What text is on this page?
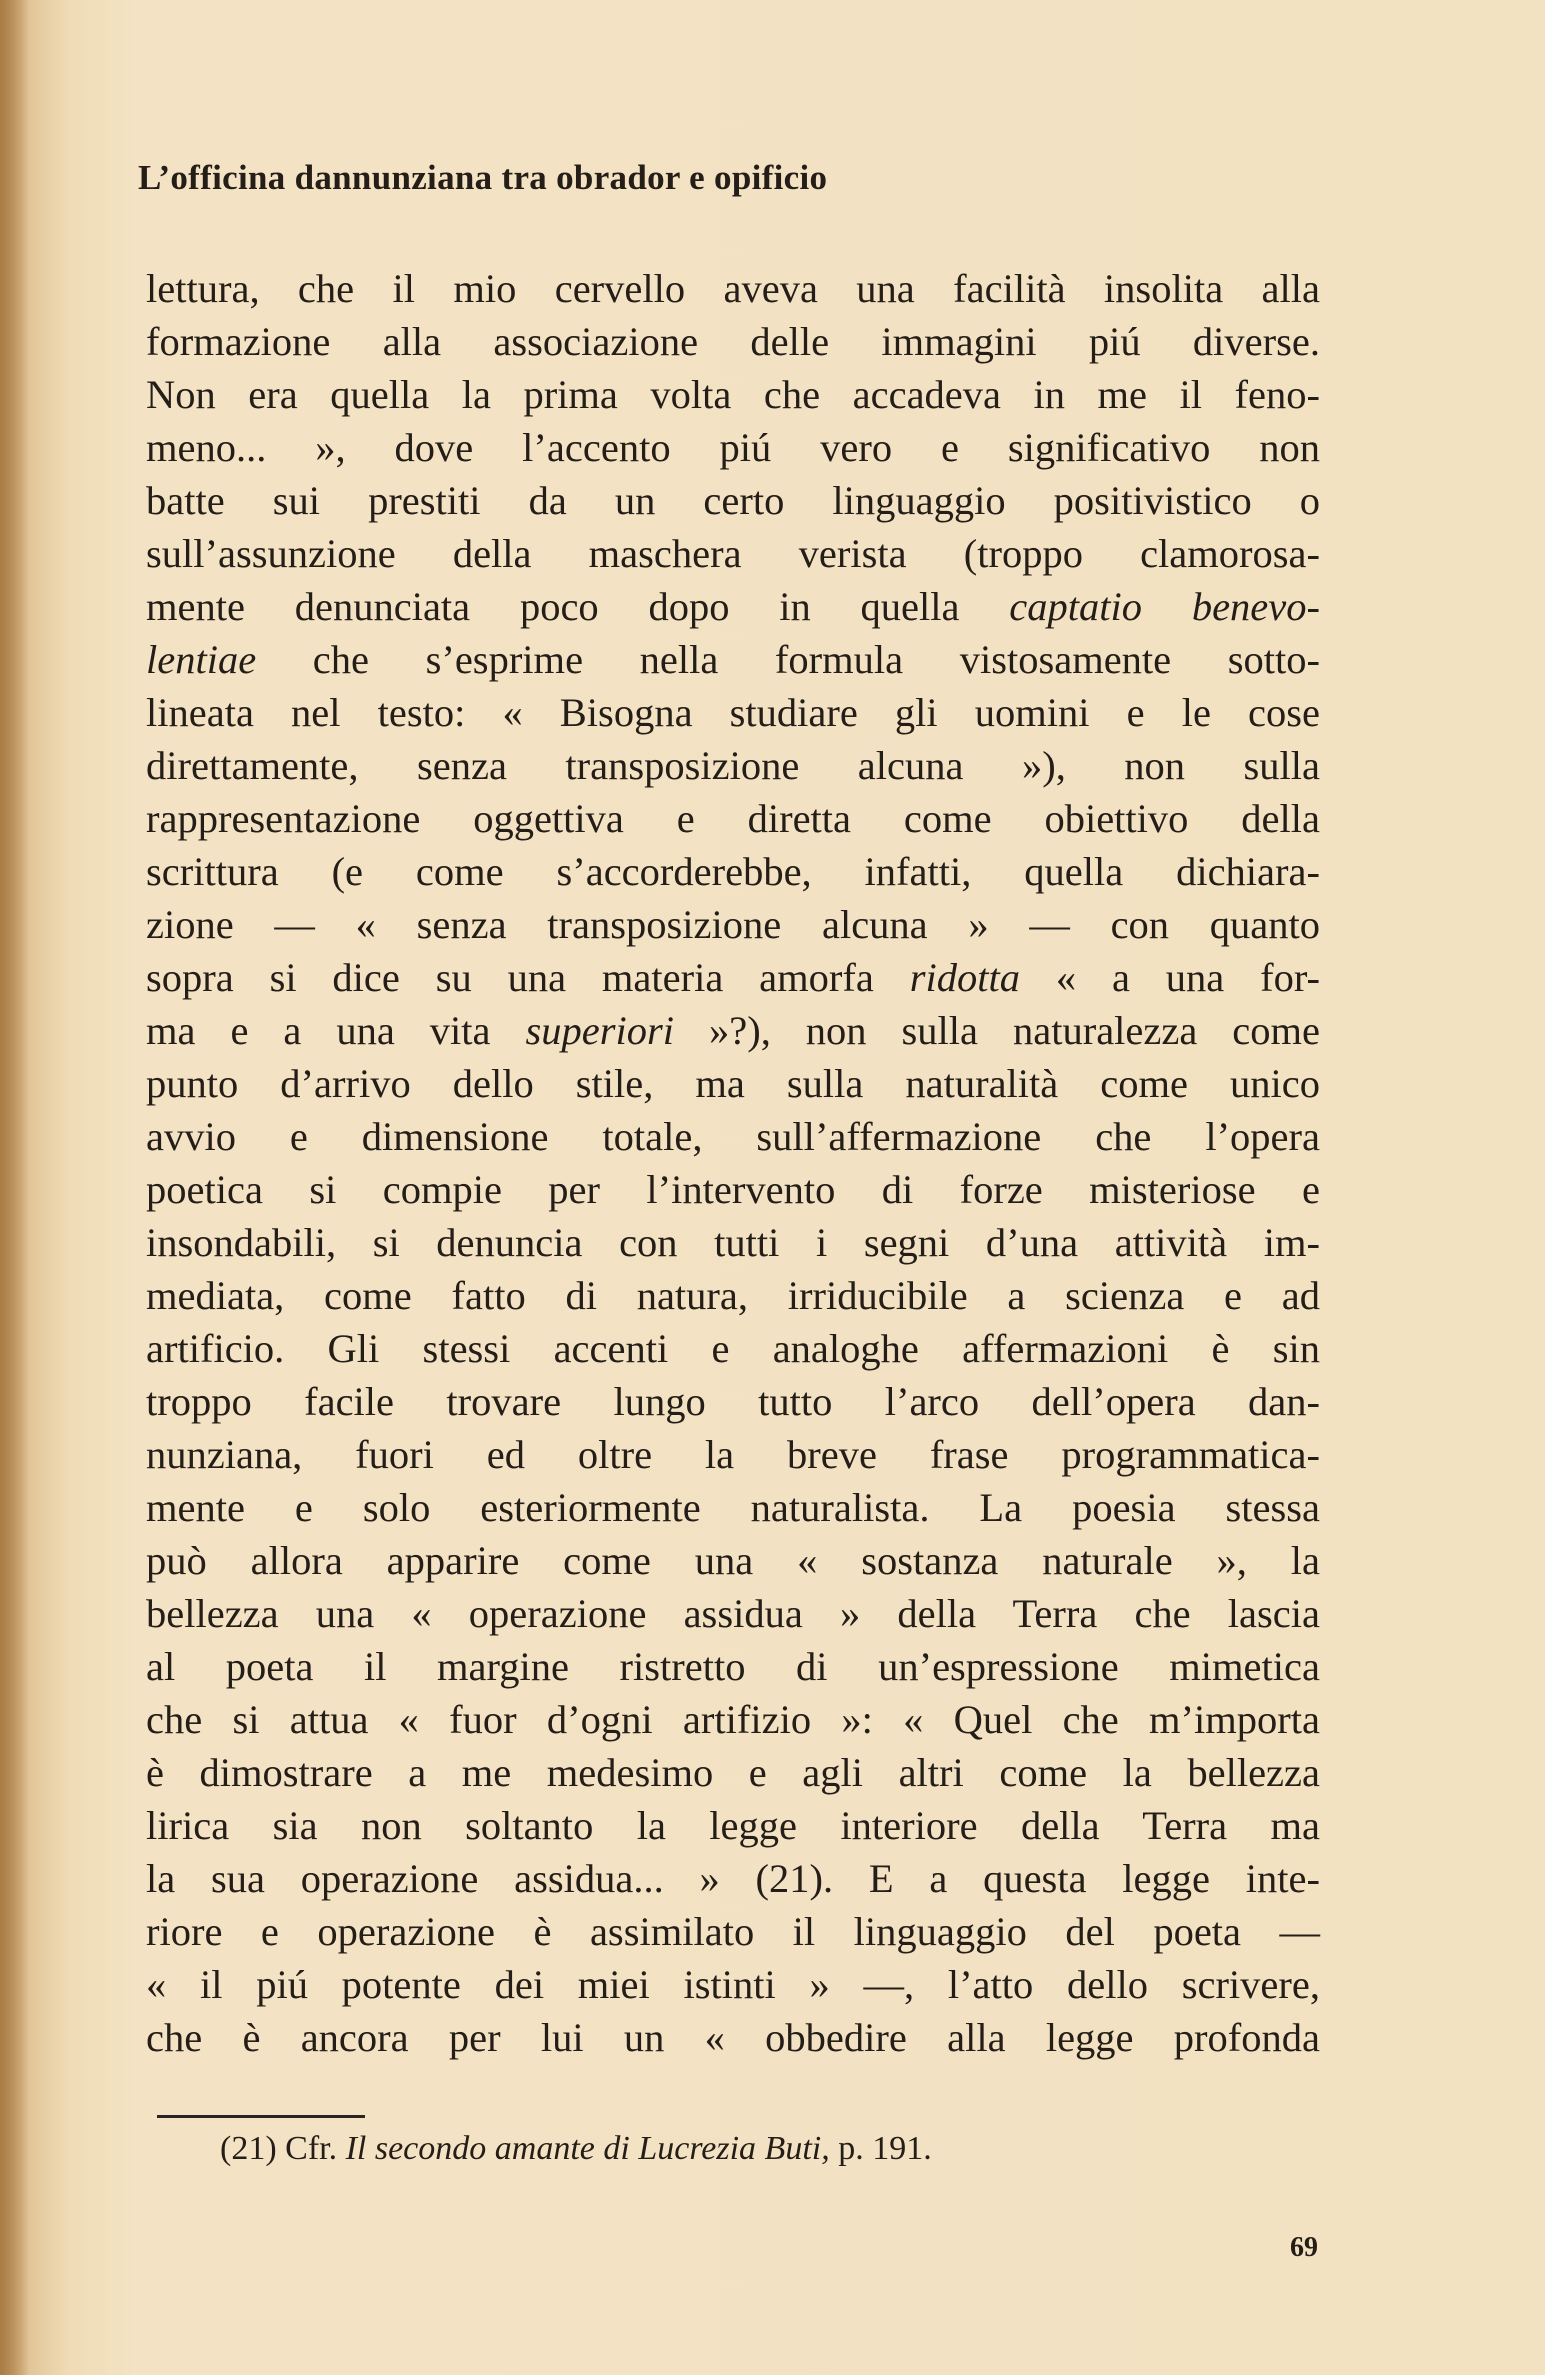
L’officina dannunziana tra obrador e opificio
lettura, che il mio cervello aveva una facilità insolita alla
formazione alla associazione delle immagini piú diverse.
Non era quella la prima volta che accadeva in me il feno-
meno... », dove l’accento piú vero e significativo non
batte sui prestiti da un certo linguaggio positivistico o
sull’assunzione della maschera verista (troppo clamorosa-
mente denunciata poco dopo in quella captatio benevo-
lentiae che s’esprime nella formula vistosamente sotto-
lineata nel testo: « Bisogna studiare gli uomini e le cose
direttamente, senza transposizione alcuna »), non sulla
rappresentazione oggettiva e diretta come obiettivo della
scrittura (e come s’accorderebbe, infatti, quella dichiara-
zione — « senza transposizione alcuna » — con quanto
sopra si dice su una materia amorfa ridotta « a una for-
ma e a una vita superiori »?), non sulla naturalezza come
punto d’arrivo dello stile, ma sulla naturalità come unico
avvio e dimensione totale, sull’affermazione che l’opera
poetica si compie per l’intervento di forze misteriose e
insondabili, si denuncia con tutti i segni d’una attività im-
mediata, come fatto di natura, irriducibile a scienza e ad
artificio. Gli stessi accenti e analoghe affermazioni è sin
troppo facile trovare lungo tutto l’arco dell’opera dan-
nunziana, fuori ed oltre la breve frase programmatica-
mente e solo esteriormente naturalista. La poesia stessa
può allora apparire come una « sostanza naturale », la
bellezza una « operazione assidua » della Terra che lascia
al poeta il margine ristretto di un’espressione mimetica
che si attua « fuor d’ogni artifizio »: « Quel che m’importa
è dimostrare a me medesimo e agli altri come la bellezza
lirica sia non soltanto la legge interiore della Terra ma
la sua operazione assidua... » (21). E a questa legge inte-
riore e operazione è assimilato il linguaggio del poeta —
« il piú potente dei miei istinti » —, l’atto dello scrivere,
che è ancora per lui un « obbedire alla legge profonda
(21) Cfr. Il secondo amante di Lucrezia Buti, p. 191.
69
